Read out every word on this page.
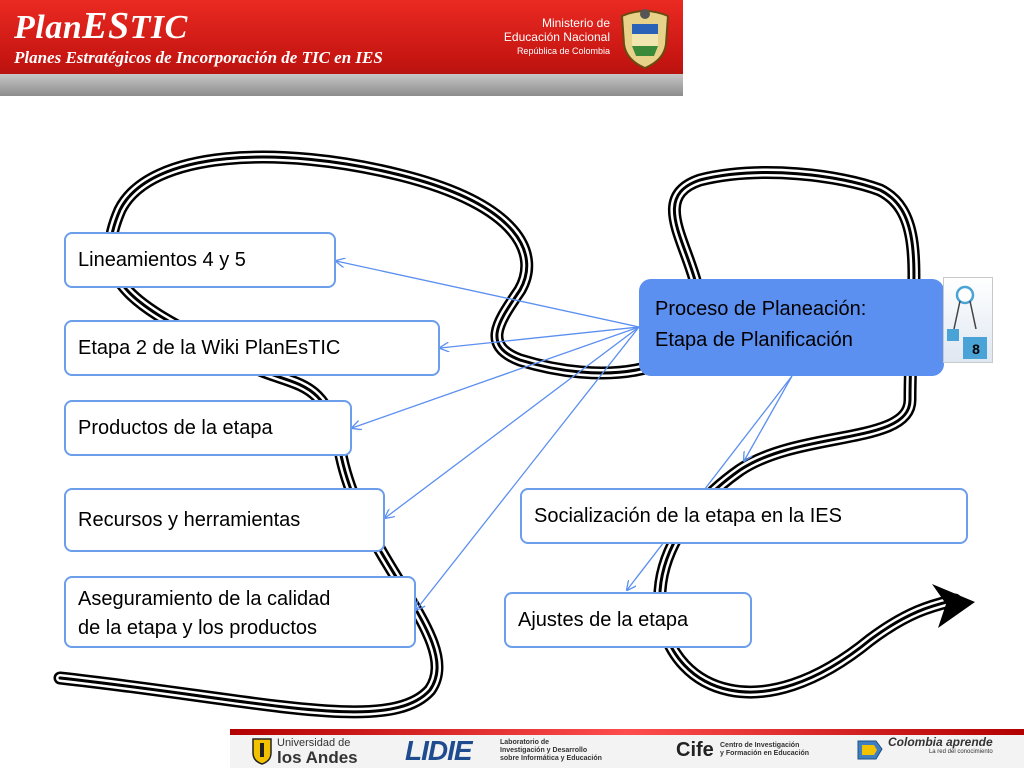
PlanESTIC
Planes Estratégicos de Incorporación de TIC en IES
Ministerio de
Educación Nacional
República de Colombia
Lineamientos 4 y 5
Etapa 2 de la Wiki PlanEsTIC
Productos de la etapa
Recursos y herramientas
Aseguramiento de la calidad
de la etapa y los productos
Proceso de Planeación:
Etapa de Planificación	8
Socialización de la etapa en la IES
Ajustes de la etapa
Universidad de
los Andes LIDIE	Laboratorio de
Investigación y Desarrollo
sobre Informática y Educación	Cife Centro de Investigación
y Formación en Educación
Colombia aprende
La red del conocimiento
